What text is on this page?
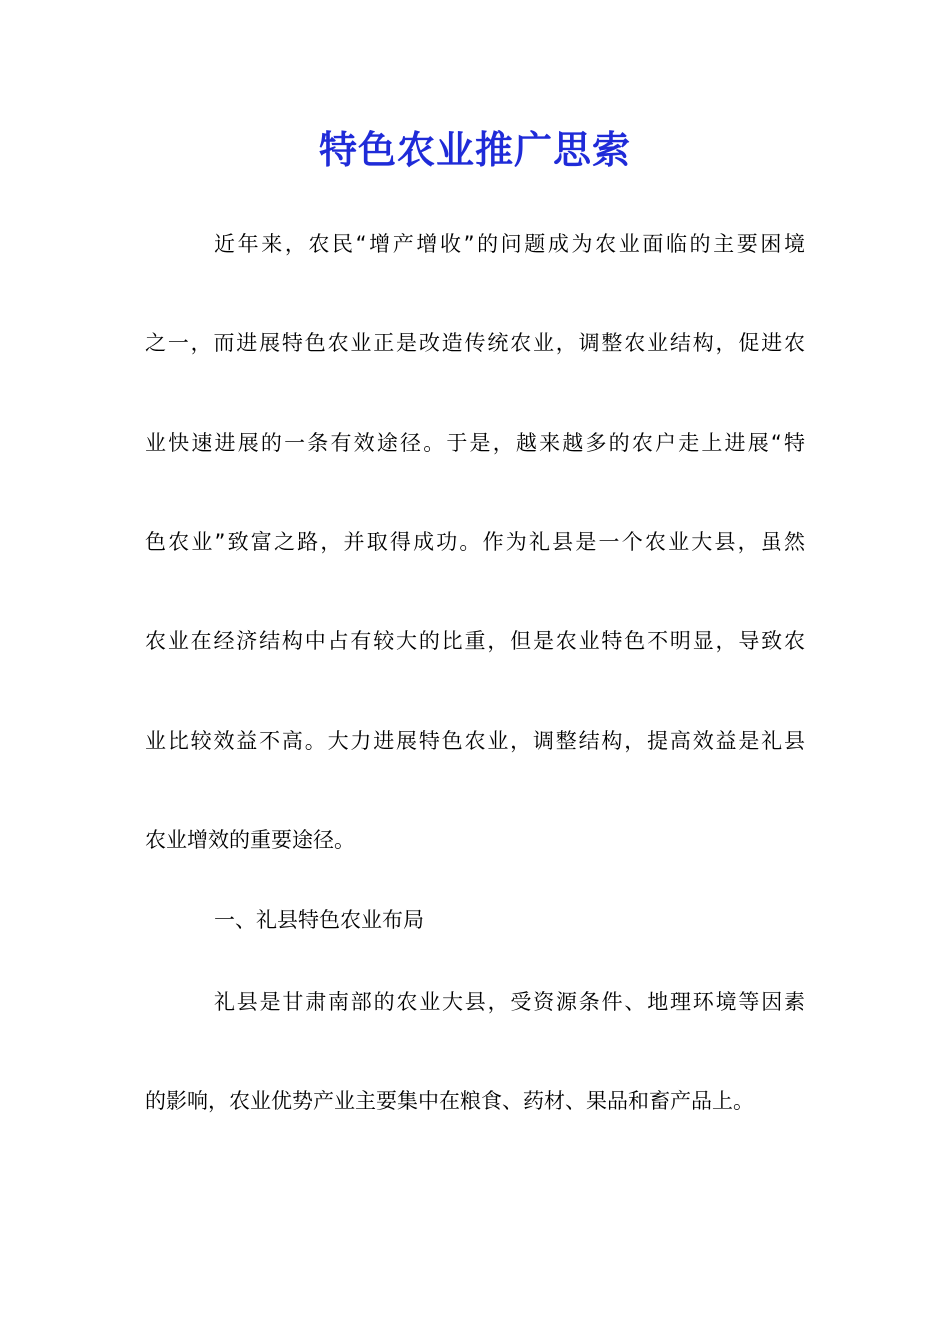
特色农业推广思索
近年来，农民“增产增收”的问题成为农业面临的主要困境
之一，而进展特色农业正是改造传统农业，调整农业结构，促进农
业快速进展的一条有效途径。于是，越来越多的农户走上进展“特
色农业”致富之路，并取得成功。作为礼县是一个农业大县，虽然
农业在经济结构中占有较大的比重，但是农业特色不明显，导致农
业比较效益不高。大力进展特色农业，调整结构，提高效益是礼县
农业增效的重要途径。
一、礼县特色农业布局
礼县是甘肃南部的农业大县，受资源条件、地理环境等因素
的影响，农业优势产业主要集中在粮食、药材、果品和畜产品上。
